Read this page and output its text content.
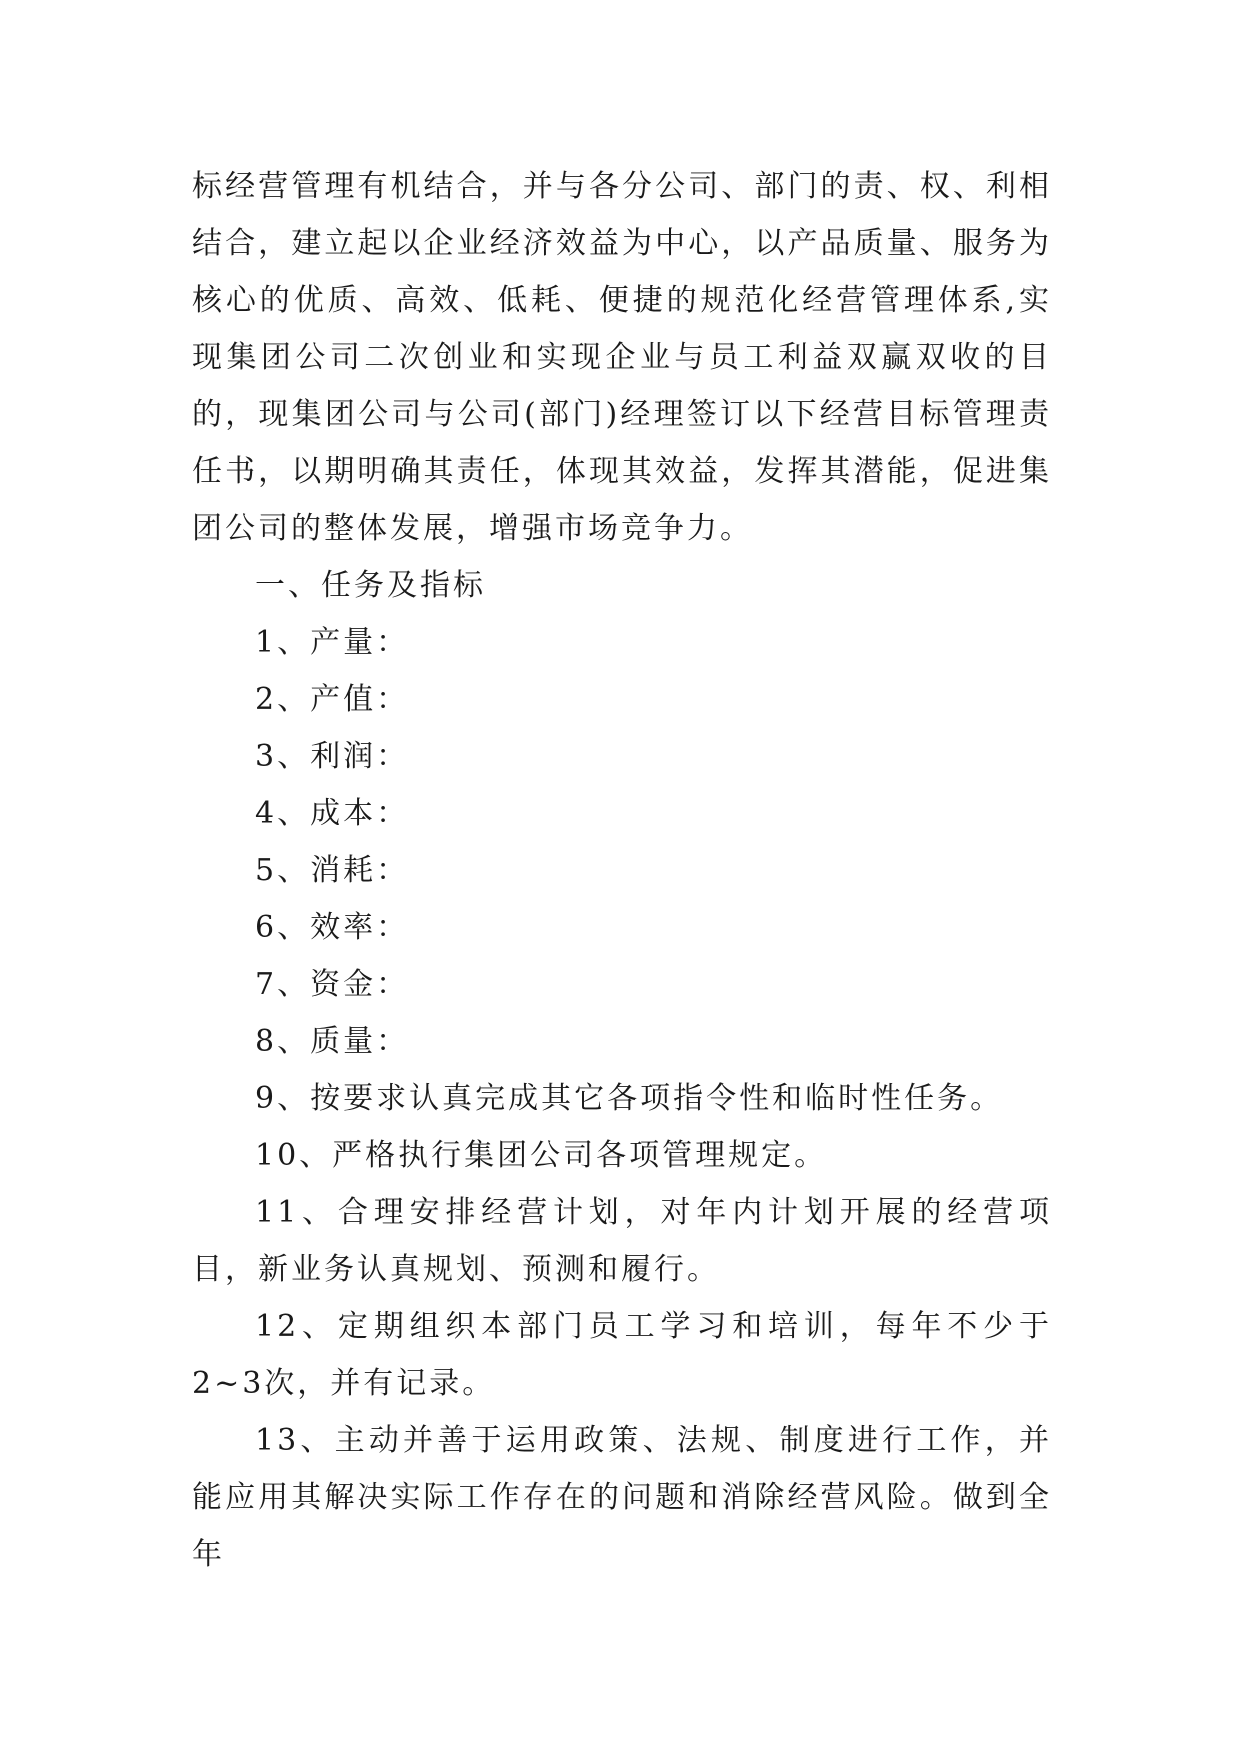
标经营管理有机结合，并与各分公司、部门的责、权、利相结合，建立起以企业经济效益为中心，以产品质量、服务为核心的优质、高效、低耗、便捷的规范化经营管理体系,实现集团公司二次创业和实现企业与员工利益双赢双收的目的，现集团公司与公司(部门)经理签订以下经营目标管理责任书，以期明确其责任，体现其效益，发挥其潜能，促进集团公司的整体发展，增强市场竞争力。

一、任务及指标

1、产量：

2、产值：

3、利润：

4、成本：

5、消耗：

6、效率：

7、资金：

8、质量：

9、按要求认真完成其它各项指令性和临时性任务。

10、严格执行集团公司各项管理规定。

11、合理安排经营计划，对年内计划开展的经营项目，新业务认真规划、预测和履行。

12、定期组织本部门员工学习和培训，每年不少于2~3次，并有记录。

13、主动并善于运用政策、法规、制度进行工作，并能应用其解决实际工作存在的问题和消除经营风险。做到全年
